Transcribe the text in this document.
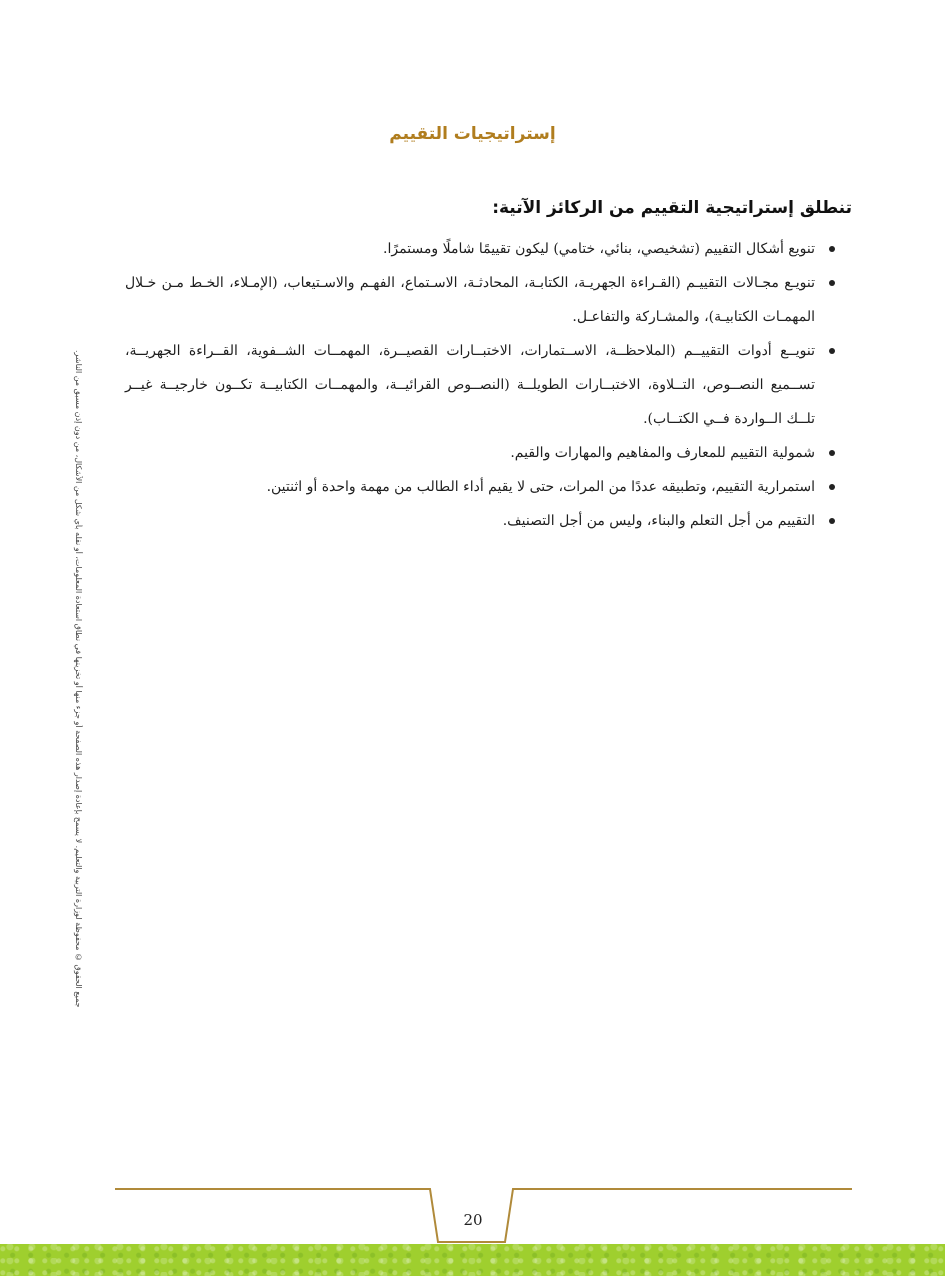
إستراتيجيات التقييم
تنطلق إستراتيجية التقييم من الركائز الآتية:
تنويع أشكال التقييم (تشخيصي، بنائي، ختامي) ليكون تقييمًا شاملًا ومستمرًا.
تنويـع مجـالات التقييـم (القـراءة الجهريـة، الكتابـة، المحادثـة، الاسـتماع، الفهـم والاسـتيعاب، (الإمـلاء، الخـط مـن خـلال المهمـات الكتابيـة)، والمشـاركة والتفاعـل.
تنويــع أدوات التقييــم (الملاحظــة، الاســتمارات، الاختبــارات القصيــرة، المهمــات الشــفوية، القــراءة الجهريــة، تســميع النصــوص، التــلاوة، الاختبــارات الطويلــة (النصــوص القرائيــة، والمهمــات الكتابيــة تكــون خارجيــة غيــر تلــك الــواردة فــي الكتــاب).
شمولية التقييم للمعارف والمفاهيم والمهارات والقيم.
استمرارية التقييم، وتطبيقه عددًا من المرات، حتى لا يقيم أداء الطالب من مهمة واحدة أو اثنتين.
التقييم من أجل التعلم والبناء، وليس من أجل التصنيف.
جميع الحقوق © محفوظة لوزارة التربية والتعليم. لا يسمح بإعادة إصدار هذه الصفحة أو جزء منها أو تخزينها في نطاق استعادة المعلومات، أو نقله بأي شكل من الأشكال، من دون إذن مسبق من الناشر.
20
